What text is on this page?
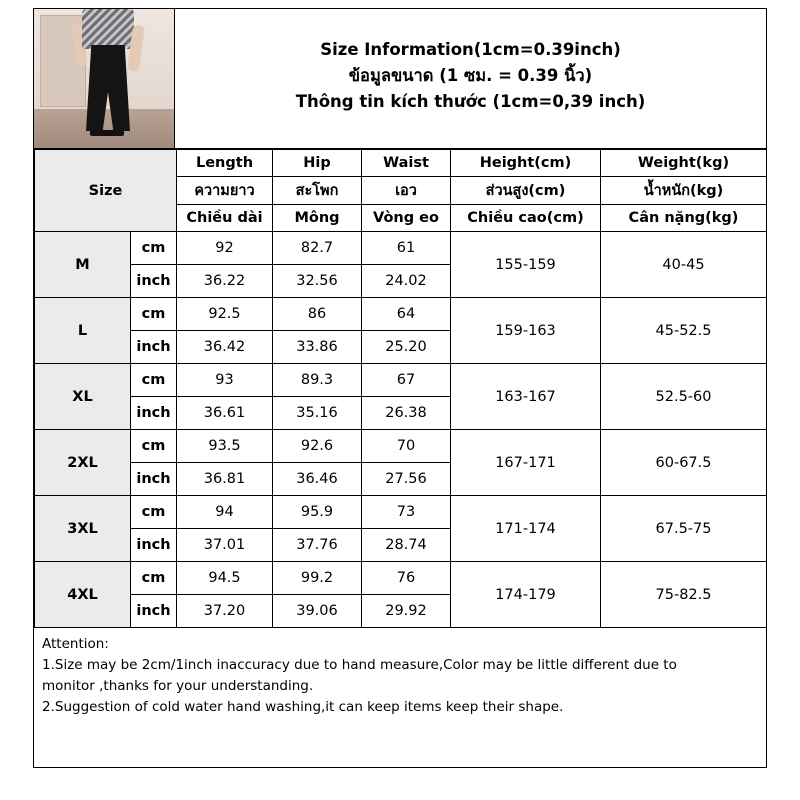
Size Information(1cm=0.39inch)
ข้อมูลขนาด (1 ซม. = 0.39 นิ้ว)
Thông tin kích thước (1cm=0,39 inch)
Size		Length	Hip	Waist	Height(cm)	Weight(kg)
		ความยาว	สะโพก	เอว	ส่วนสูง(cm)	น้ำหนัก(kg)
		Chiều dài	Mông	Vòng eo	Chiều cao(cm)	Cân nặng(kg)
M	cm	92	82.7	61	155-159	40-45
	inch	36.22	32.56	24.02		
L	cm	92.5	86	64	159-163	45-52.5
	inch	36.42	33.86	25.20		
XL	cm	93	89.3	67	163-167	52.5-60
	inch	36.61	35.16	26.38		
2XL	cm	93.5	92.6	70	167-171	60-67.5
	inch	36.81	36.46	27.56		
3XL	cm	94	95.9	73	171-174	67.5-75
	inch	37.01	37.76	28.74		
4XL	cm	94.5	99.2	76	174-179	75-82.5
	inch	37.20	39.06	29.92		
Attention:
1.Size may be 2cm/1inch inaccuracy due to hand measure,Color may be little different due to
monitor ,thanks for your understanding.
2.Suggestion of cold water hand washing,it can keep items keep their shape.
